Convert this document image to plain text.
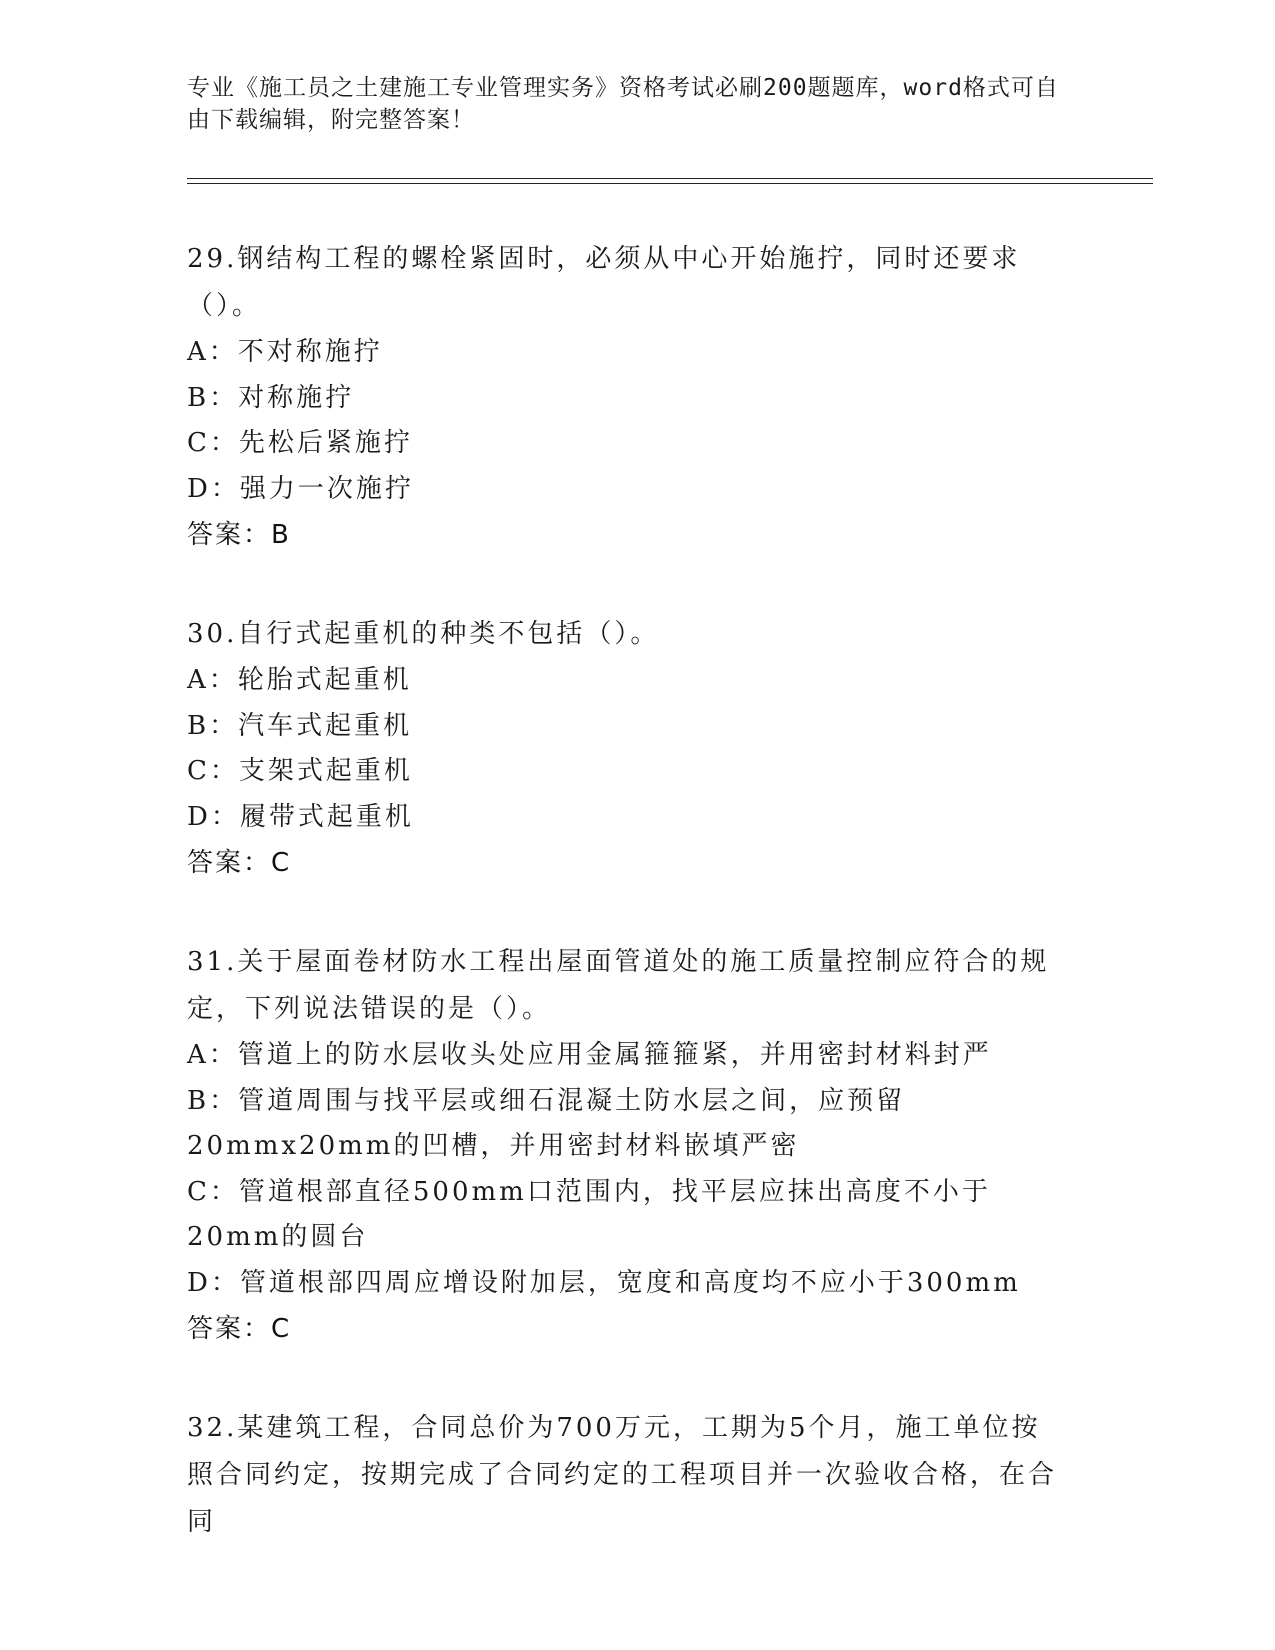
专业《施工员之土建施工专业管理实务》资格考试必刷200题题库，word格式可自由下载编辑，附完整答案！

29.钢结构工程的螺栓紧固时，必须从中心开始施拧，同时还要求（）。

A：不对称施拧

B：对称施拧

C：先松后紧施拧

D：强力一次施拧

答案：B

30.自行式起重机的种类不包括（）。

A：轮胎式起重机

B：汽车式起重机

C：支架式起重机

D：履带式起重机

答案：C

31.关于屋面卷材防水工程出屋面管道处的施工质量控制应符合的规定，下列说法错误的是（）。

A：管道上的防水层收头处应用金属箍箍紧，并用密封材料封严

B：管道周围与找平层或细石混凝土防水层之间，应预留20mmx20mm的凹槽，并用密封材料嵌填严密

C：管道根部直径500mm口范围内，找平层应抹出高度不小于20mm的圆台

D：管道根部四周应增设附加层，宽度和高度均不应小于300mm

答案：C

32.某建筑工程，合同总价为700万元，工期为5个月，施工单位按照合同约定，按期完成了合同约定的工程项目并一次验收合格，在合同
